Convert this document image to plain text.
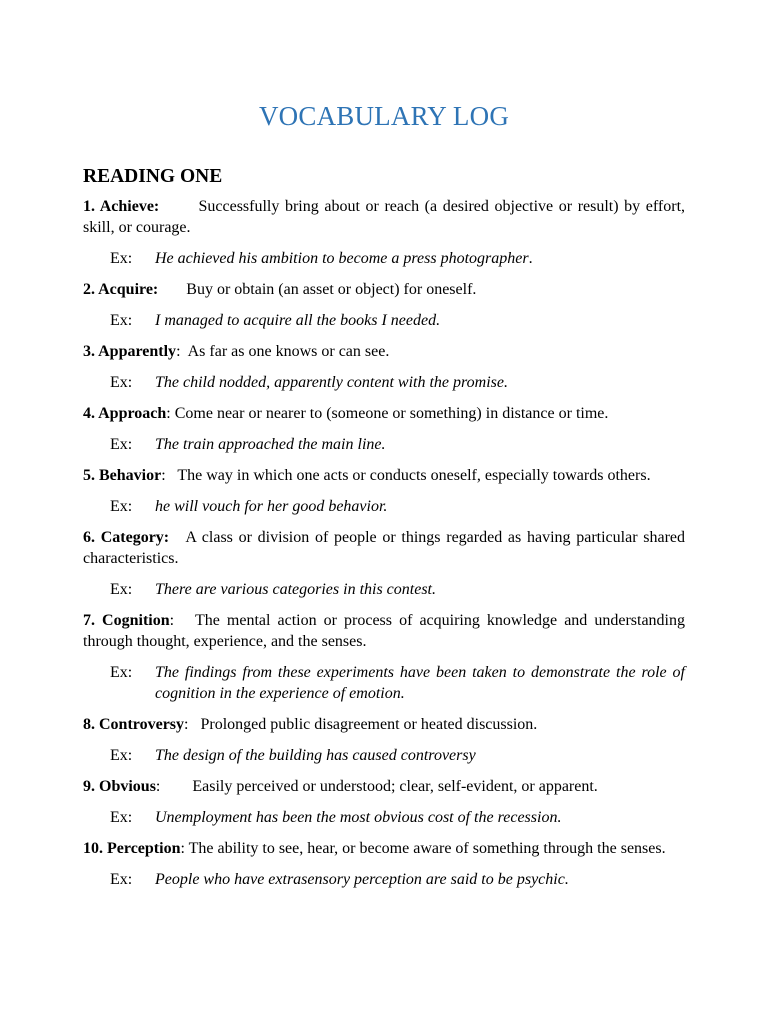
VOCABULARY LOG
READING ONE

1. Achieve: Successfully bring about or reach (a desired objective or result) by effort, skill, or courage.

Ex: He achieved his ambition to become a press photographer.

2. Acquire: Buy or obtain (an asset or object) for oneself.

Ex: I managed to acquire all the books I needed.

3. Apparently:  As far as one knows or can see.

Ex: The child nodded, apparently content with the promise.

4. Approach: Come near or nearer to (someone or something) in distance or time.

Ex: The train approached the main line.

5. Behavior:   The way in which one acts or conducts oneself, especially towards others.

Ex: he will vouch for her good behavior.

6. Category: A class or division of people or things regarded as having particular shared characteristics.

Ex: There are various categories in this contest.

7. Cognition:   The mental action or process of acquiring knowledge and understanding through thought, experience, and the senses.

Ex: The findings from these experiments have been taken to demonstrate the role of cognition in the experience of emotion.

8. Controversy:   Prolonged public disagreement or heated discussion.

Ex: The design of the building has caused controversy

9. Obvious:        Easily perceived or understood; clear, self-evident, or apparent.

Ex: Unemployment has been the most obvious cost of the recession.

10. Perception: The ability to see, hear, or become aware of something through the senses.

Ex: People who have extrasensory perception are said to be psychic.
